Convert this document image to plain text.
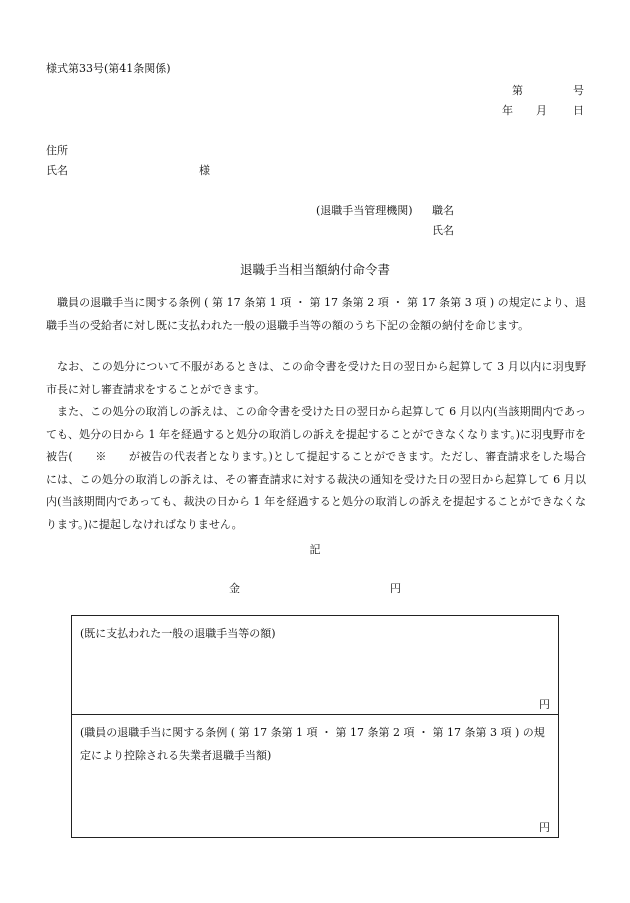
様式第33号(第41条関係)
第	号
年 月 日
住所
氏名	様
(退職手当管理機関) 職名
氏名
退職手当相当額納付命令書
職員の退職手当に関する条例 ( 第 17 条第 1 項 ・ 第 17 条第 2 項 ・ 第 17 条第 3 項 ) の規定により、退職手当の受給者に対し既に支払われた一般の退職手当等の額のうち下記の金額の納付を命じます。
なお、この処分について不服があるときは、この命令書を受けた日の翌日から起算して 3 月以内に羽曳野市長に対し審査請求をすることができます。
また、この処分の取消しの訴えは、この命令書を受けた日の翌日から起算して 6 月以内(当該期間内であっても、処分の日から 1 年を経過すると処分の取消しの訴えを提起することができなくなります。)に羽曳野市を被告(　　※　　が被告の代表者となります。)として提起することができます。ただし、審査請求をした場合には、この処分の取消しの訴えは、その審査請求に対する裁決の通知を受けた日の翌日から起算して 6 月以内(当該期間内であっても、裁決の日から 1 年を経過すると処分の取消しの訴えを提起することができなくなります。)に提起しなければなりません。
記
金	円
(既に支払われた一般の退職手当等の額)
円
(職員の退職手当に関する条例 ( 第 17 条第 1 項 ・ 第 17 条第 2 項 ・ 第 17 条第 3 項 ) の規定により控除される失業者退職手当額)
円
